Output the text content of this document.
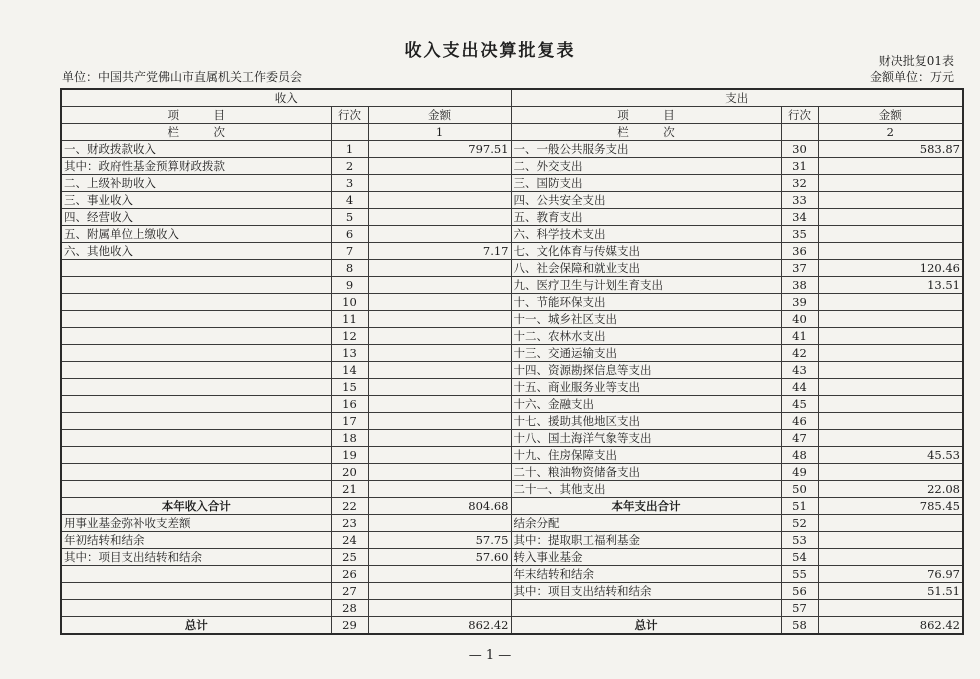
收入支出决算批复表	财决批复01表
单位：中国共产党佛山市直属机关工作委员会	金额单位：万元
收入			支出		
项　　　目	行次	金额	项　　　目	行次	金额
栏　　　次		1	栏　　　次		2
一、财政拨款收入	1	797.51	一、一般公共服务支出	30	583.87
其中：政府性基金预算财政拨款	2		二、外交支出	31	
二、上级补助收入	3		三、国防支出	32	
三、事业收入	4		四、公共安全支出	33	
四、经营收入	5		五、教育支出	34	
五、附属单位上缴收入	6		六、科学技术支出	35	
六、其他收入	7	7.17	七、文化体育与传媒支出	36	
	8		八、社会保障和就业支出	37	120.46
	9		九、医疗卫生与计划生育支出	38	13.51
	10		十、节能环保支出	39	
	11		十一、城乡社区支出	40	
	12		十二、农林水支出	41	
	13		十三、交通运输支出	42	
	14		十四、资源勘探信息等支出	43	
	15		十五、商业服务业等支出	44	
	16		十六、金融支出	45	
	17		十七、援助其他地区支出	46	
	18		十八、国土海洋气象等支出	47	
	19		十九、住房保障支出	48	45.53
	20		二十、粮油物资储备支出	49	
	21		二十一、其他支出	50	22.08
本年收入合计	22	804.68	本年支出合计	51	785.45
用事业基金弥补收支差额	23		结余分配	52	
年初结转和结余	24	57.75	其中：提取职工福利基金	53	
其中：项目支出结转和结余	25	57.60	转入事业基金	54	
	26		年末结转和结余	55	76.97
	27		其中：项目支出结转和结余	56	51.51
	28			57	
总计	29	862.42	总计	58	862.42
— 1 —
